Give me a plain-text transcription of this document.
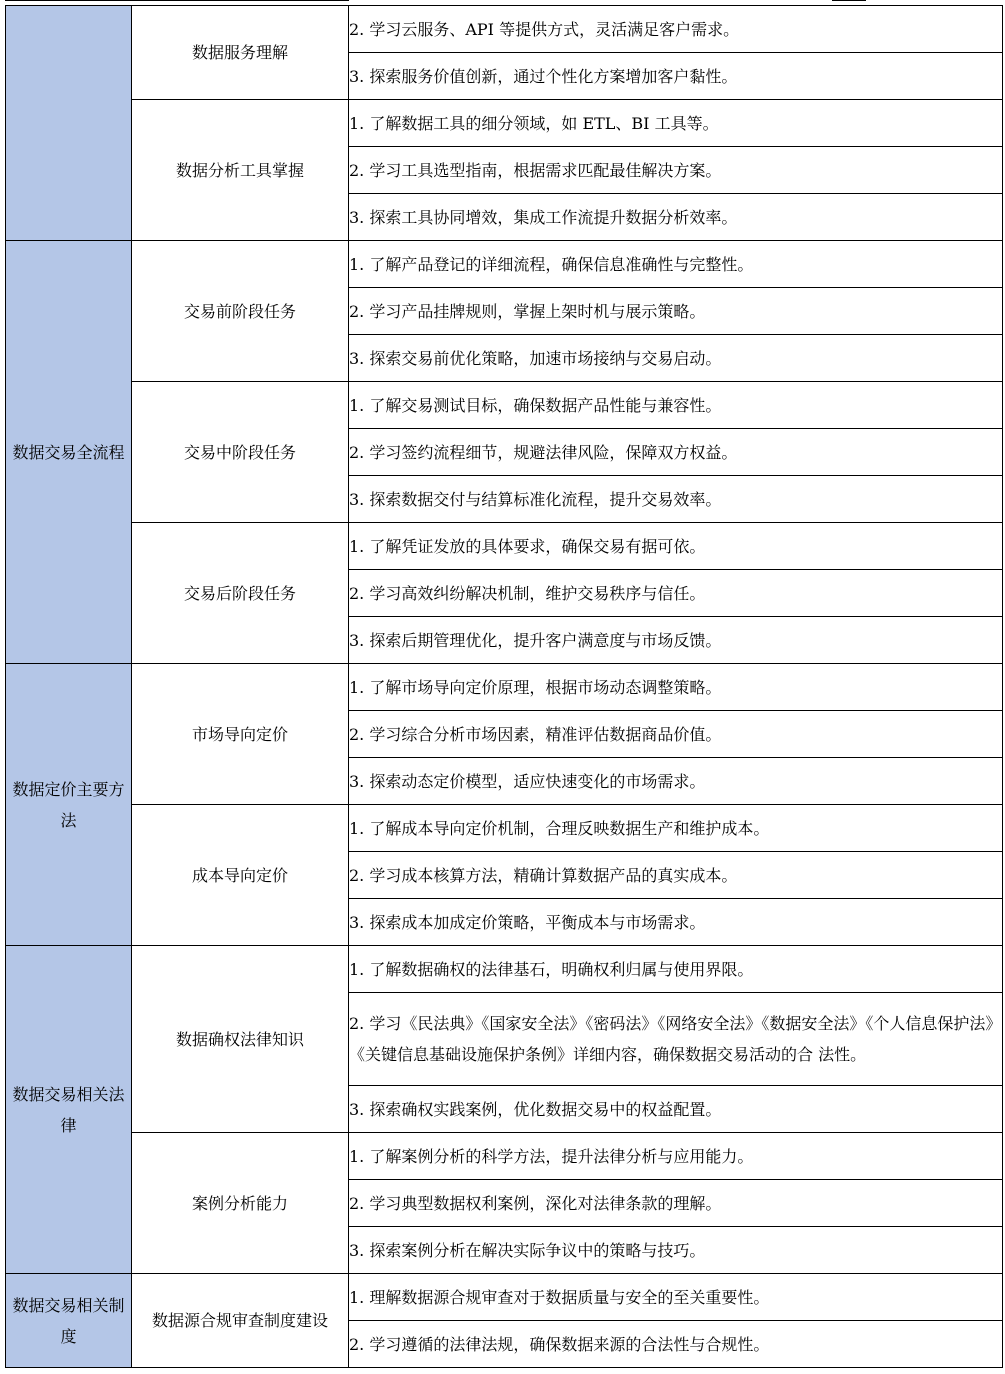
	数据服务理解	2. 学习云服务、API 等提供方式，灵活满足客户需求。
		3. 探索服务价值创新，通过个性化方案增加客户黏性。
	数据分析工具掌握	1. 了解数据工具的细分领域，如 ETL、BI 工具等。
		2. 学习工具选型指南，根据需求匹配最佳解决方案。
		3. 探索工具协同增效，集成工作流提升数据分析效率。
数据交易全流程	交易前阶段任务	1. 了解产品登记的详细流程，确保信息准确性与完整性。
		2. 学习产品挂牌规则，掌握上架时机与展示策略。
		3. 探索交易前优化策略，加速市场接纳与交易启动。
	交易中阶段任务	1. 了解交易测试目标，确保数据产品性能与兼容性。
		2. 学习签约流程细节，规避法律风险，保障双方权益。
		3. 探索数据交付与结算标准化流程，提升交易效率。
	交易后阶段任务	1. 了解凭证发放的具体要求，确保交易有据可依。
		2. 学习高效纠纷解决机制，维护交易秩序与信任。
		3. 探索后期管理优化，提升客户满意度与市场反馈。
数据定价主要方法	市场导向定价	1. 了解市场导向定价原理，根据市场动态调整策略。
		2. 学习综合分析市场因素，精准评估数据商品价值。
		3. 探索动态定价模型，适应快速变化的市场需求。
	成本导向定价	1. 了解成本导向定价机制，合理反映数据生产和维护成本。
		2. 学习成本核算方法，精确计算数据产品的真实成本。
		3. 探索成本加成定价策略，平衡成本与市场需求。
数据交易相关法律	数据确权法律知识	1. 了解数据确权的法律基石，明确权利归属与使用界限。
		2. 学习《民法典》《国家安全法》《密码法》《网络安全法》《数据安全法》《个人信息保护法》《关键信息基础设施保护条例》详细内容，确保数据交易活动的合 法性。
		3. 探索确权实践案例，优化数据交易中的权益配置。
	案例分析能力	1. 了解案例分析的科学方法，提升法律分析与应用能力。
		2. 学习典型数据权利案例，深化对法律条款的理解。
		3. 探索案例分析在解决实际争议中的策略与技巧。
数据交易相关制度	数据源合规审查制度建设	1. 理解数据源合规审查对于数据质量与安全的至关重要性。
		2. 学习遵循的法律法规，确保数据来源的合法性与合规性。
